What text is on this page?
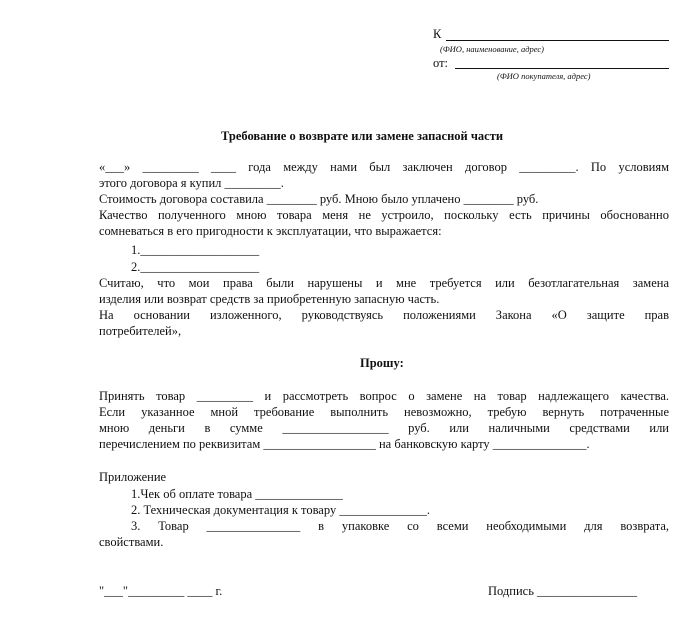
К
(ФИО, наименование, адрес)
от:
(ФИО покупателя, адрес)
Требование о возврате или замене запасной части
«___» _________ ____ года между нами был заключен договор _________. По условиям
этого договора я купил _________.
Стоимость договора составила ________ руб. Мною было уплачено ________ руб.
Качество полученного мною товара меня не устроило, поскольку есть причины обоснованно
сомневаться в его пригодности к эксплуатации, что выражается:
1.___________________
2.___________________
Считаю, что мои права были нарушены и мне требуется или безотлагательная замена
изделия или возврат средств за приобретенную запасную часть.
На основании изложенного, руководствуясь положениями Закона «О защите прав
потребителей»,
Прошу:
Принять товар _________ и рассмотреть вопрос о замене на товар надлежащего качества.
Если указанное мной требование выполнить невозможно, требую вернуть потраченные
мною деньги в сумме _________________ руб. или наличными средствами или
перечислением по реквизитам __________________ на банковскую карту _______________.
Приложение
1.Чек об оплате товара ______________
2. Техническая документация к товару ______________.
3. Товар _______________ в упаковке со всеми необходимыми для возврата,
свойствами.
"___"_________ ____ г.	Подпись ________________
